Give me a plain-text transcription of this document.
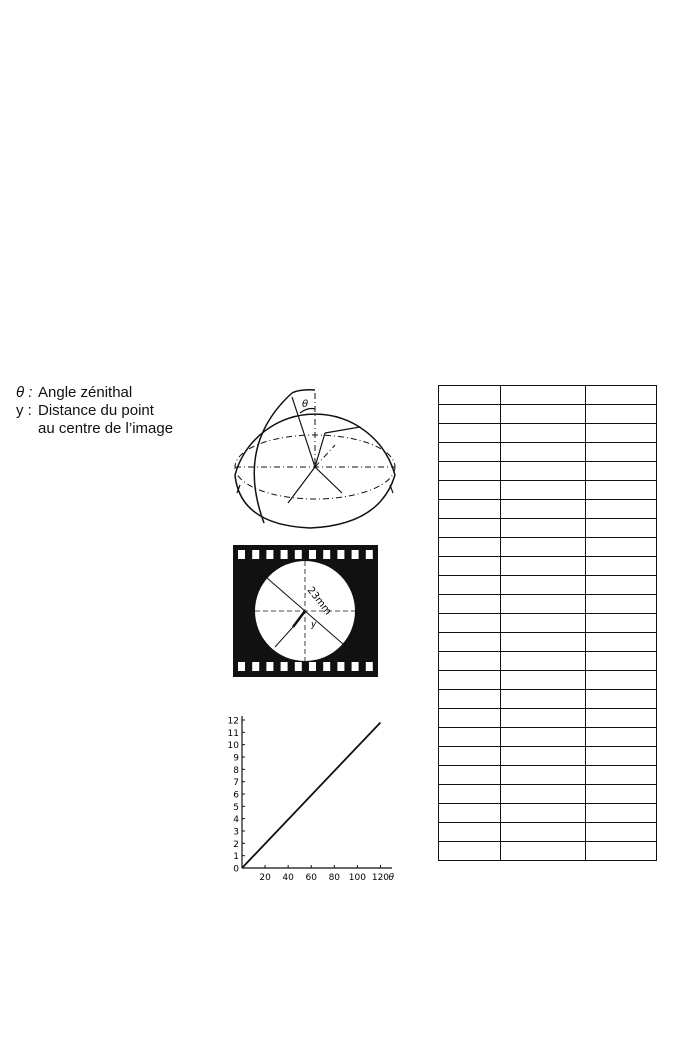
θ : Angle zénithal
y : Distance du point
au centre de l’image
θ
23mm
y
0
1
2
3
4
5
6
7
8
9
10
11
12
20 40 60 80 100 120 θ
